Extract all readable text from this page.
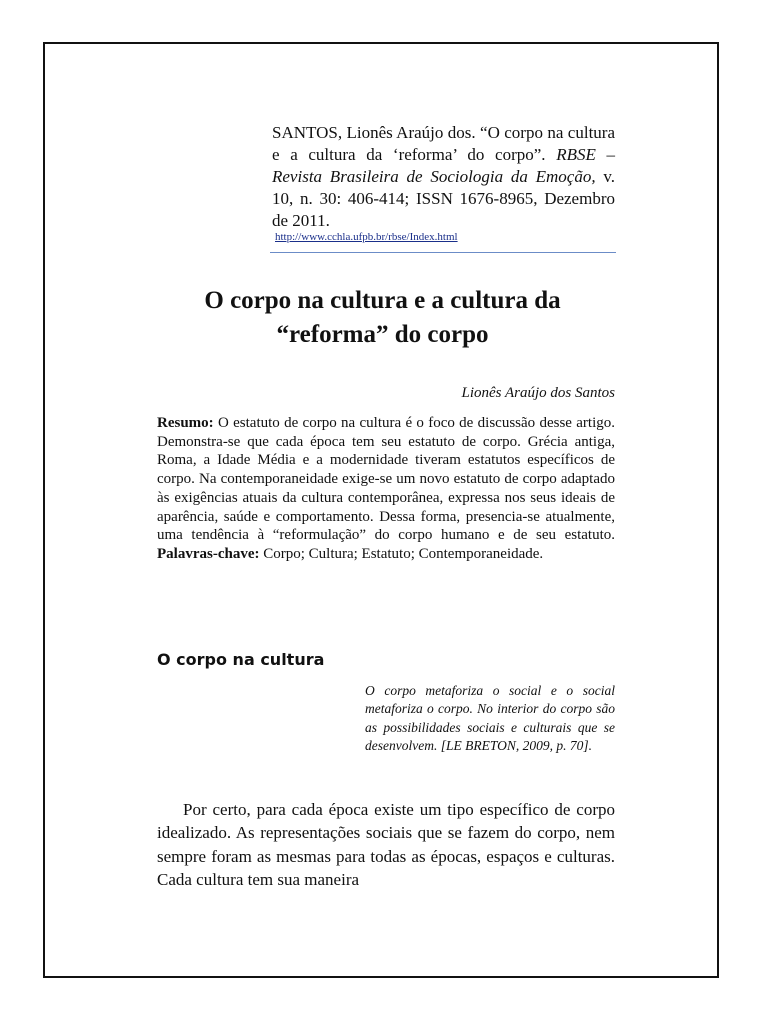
SANTOS, Lionês Araújo dos. “O corpo na cultura e a cultura da ‘reforma’ do corpo”. RBSE – Revista Brasileira de Sociologia da Emoção, v. 10, n. 30: 406-414; ISSN 1676-8965, Dezembro de 2011.
http://www.cchla.ufpb.br/rbse/Index.html
O corpo na cultura e a cultura da
“reforma” do corpo
Lionês Araújo dos Santos
Resumo: O estatuto de corpo na cultura é o foco de discussão desse artigo. Demonstra-se que cada época tem seu estatuto de corpo. Grécia antiga, Roma, a Idade Média e a modernidade tiveram estatutos específicos de corpo. Na contemporaneidade exige-se um novo estatuto de corpo adaptado às exigências atuais da cultura contemporânea, expressa nos seus ideais de aparência, saúde e comportamento. Dessa forma, presencia-se atualmente, uma tendência à “reformulação” do corpo humano e de seu estatuto. Palavras-chave: Corpo; Cultura; Estatuto; Contemporaneidade.
O corpo na cultura
O corpo metaforiza o social e o social metaforiza o corpo. No interior do corpo são as possibilidades sociais e culturais que se desenvolvem. [LE BRETON, 2009, p. 70].
Por certo, para cada época existe um tipo específico de corpo idealizado. As representações sociais que se fazem do corpo, nem sempre foram as mesmas para todas as épocas, espaços e culturas. Cada cultura tem sua maneira
